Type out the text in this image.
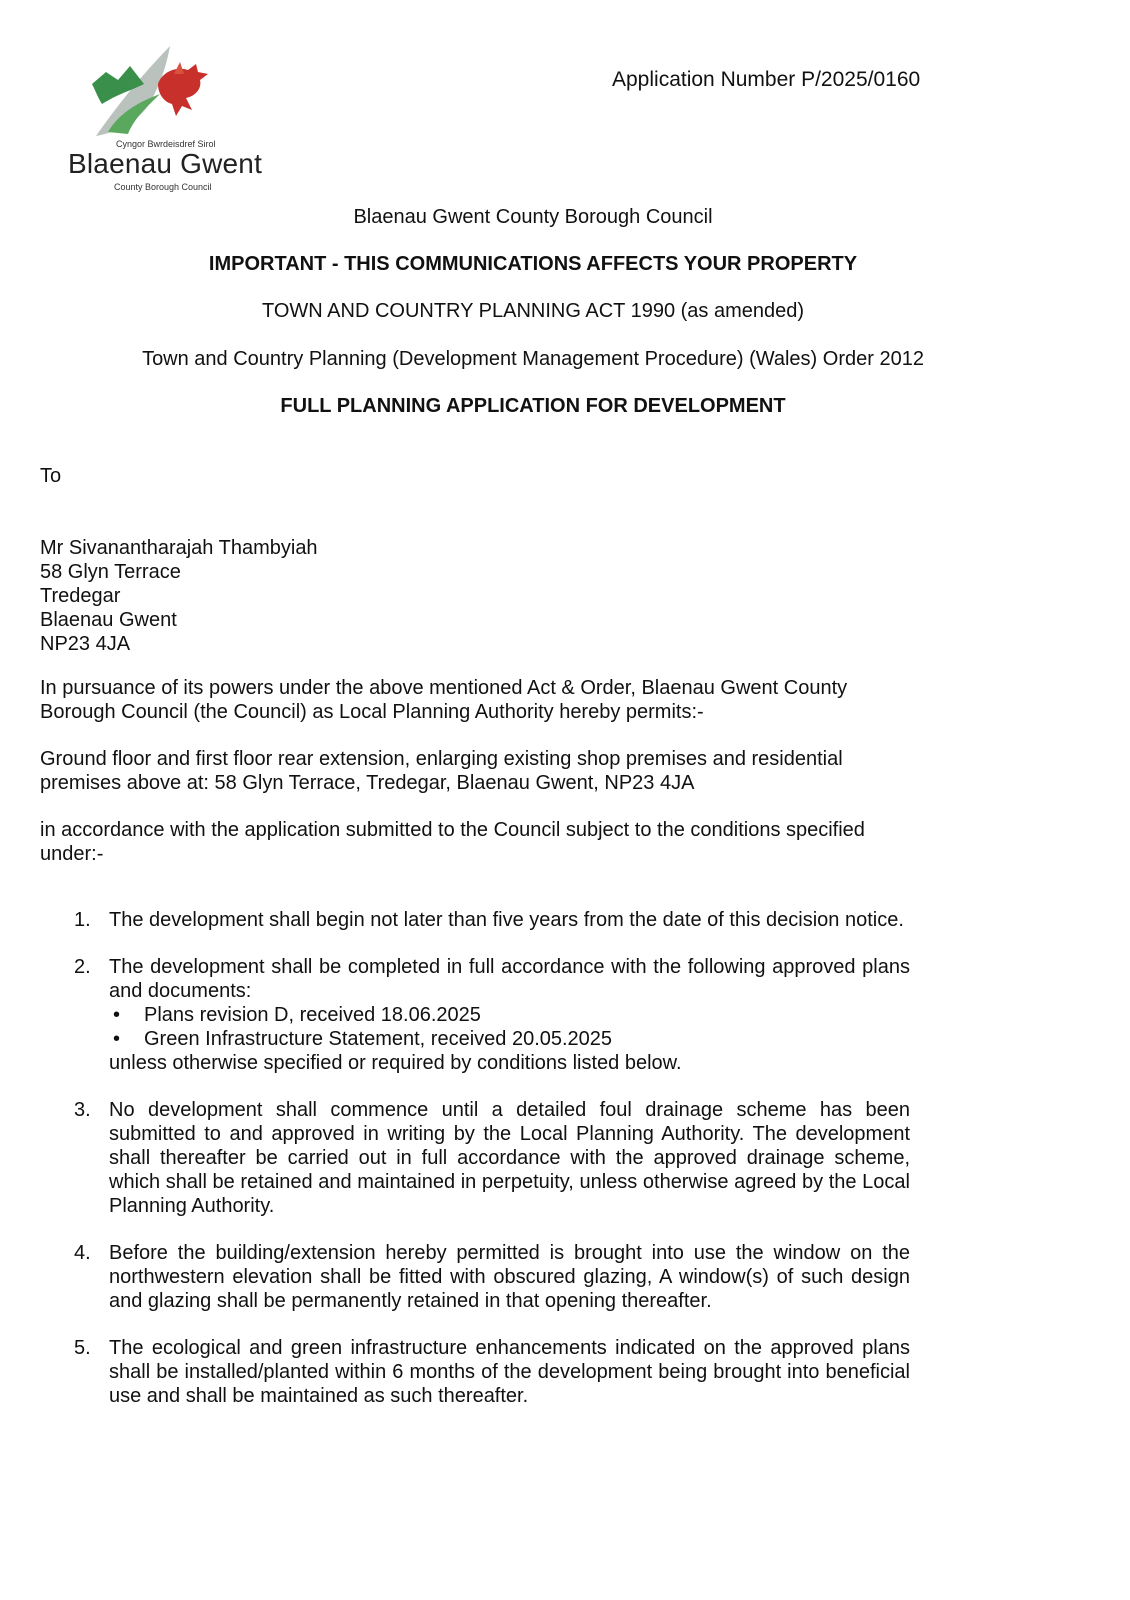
Cyngor Bwrdeisdref Sirol
Blaenau Gwent
County Borough Council
Application Number P/2025/0160
Blaenau Gwent County Borough Council
IMPORTANT - THIS COMMUNICATIONS AFFECTS YOUR PROPERTY
TOWN AND COUNTRY PLANNING ACT 1990 (as amended)
Town and Country Planning (Development Management Procedure) (Wales) Order 2012
FULL PLANNING APPLICATION FOR DEVELOPMENT
To
Mr Sivanantharajah Thambyiah
58 Glyn Terrace
Tredegar
Blaenau Gwent
NP23 4JA
In pursuance of its powers under the above mentioned Act & Order, Blaenau Gwent County Borough Council (the Council) as Local Planning Authority hereby permits:-
Ground floor and first floor rear extension, enlarging existing shop premises and residential premises above at: 58 Glyn Terrace, Tredegar, Blaenau Gwent, NP23 4JA
in accordance with the application submitted to the Council subject to the conditions specified under:-
1. The development shall begin not later than five years from the date of this decision notice.
2. The development shall be completed in full accordance with the following approved plans and documents:
• Plans revision D, received 18.06.2025
• Green Infrastructure Statement, received 20.05.2025
unless otherwise specified or required by conditions listed below.
3. No development shall commence until a detailed foul drainage scheme has been submitted to and approved in writing by the Local Planning Authority. The development shall thereafter be carried out in full accordance with the approved drainage scheme, which shall be retained and maintained in perpetuity, unless otherwise agreed by the Local Planning Authority.
4. Before the building/extension hereby permitted is brought into use the window on the northwestern elevation shall be fitted with obscured glazing, A window(s) of such design and glazing shall be permanently retained in that opening thereafter.
5. The ecological and green infrastructure enhancements indicated on the approved plans shall be installed/planted within 6 months of the development being brought into beneficial use and shall be maintained as such thereafter.
